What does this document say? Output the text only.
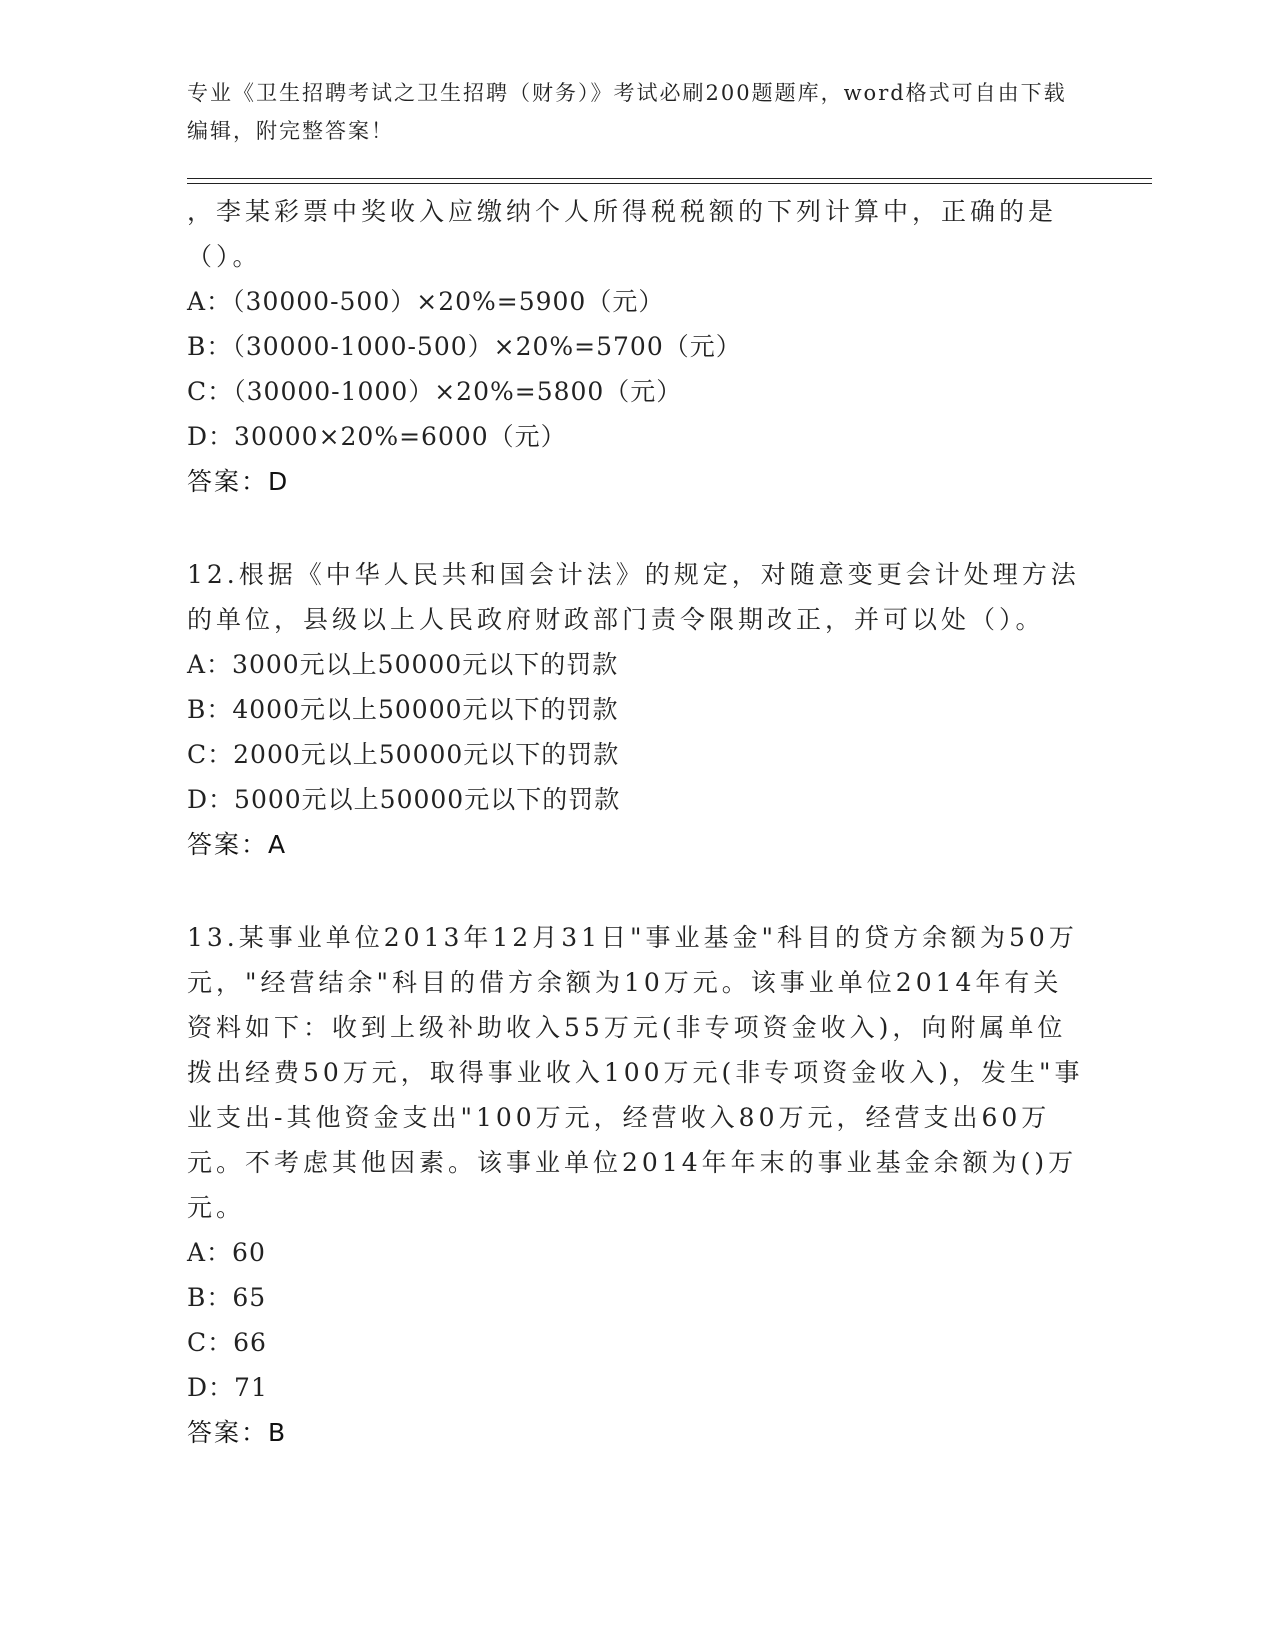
专业《卫生招聘考试之卫生招聘（财务）》考试必刷200题题库，word格式可自由下载编辑，附完整答案！

，李某彩票中奖收入应缴纳个人所得税税额的下列计算中，正确的是（）。

A：（30000-500）×20%=5900（元）

B：（30000-1000-500）×20%=5700（元）

C：（30000-1000）×20%=5800（元）

D：30000×20%=6000（元）

答案：D

12.根据《中华人民共和国会计法》的规定，对随意变更会计处理方法的单位，县级以上人民政府财政部门责令限期改正，并可以处（）。

A：3000元以上50000元以下的罚款

B：4000元以上50000元以下的罚款

C：2000元以上50000元以下的罚款

D：5000元以上50000元以下的罚款

答案：A

13.某事业单位2013年12月31日"事业基金"科目的贷方余额为50万元，"经营结余"科目的借方余额为10万元。该事业单位2014年有关资料如下：收到上级补助收入55万元(非专项资金收入)，向附属单位拨出经费50万元，取得事业收入100万元(非专项资金收入)，发生"事业支出-其他资金支出"100万元，经营收入80万元，经营支出60万元。不考虑其他因素。该事业单位2014年年末的事业基金余额为()万元。

A：60

B：65

C：66

D：71

答案：B
